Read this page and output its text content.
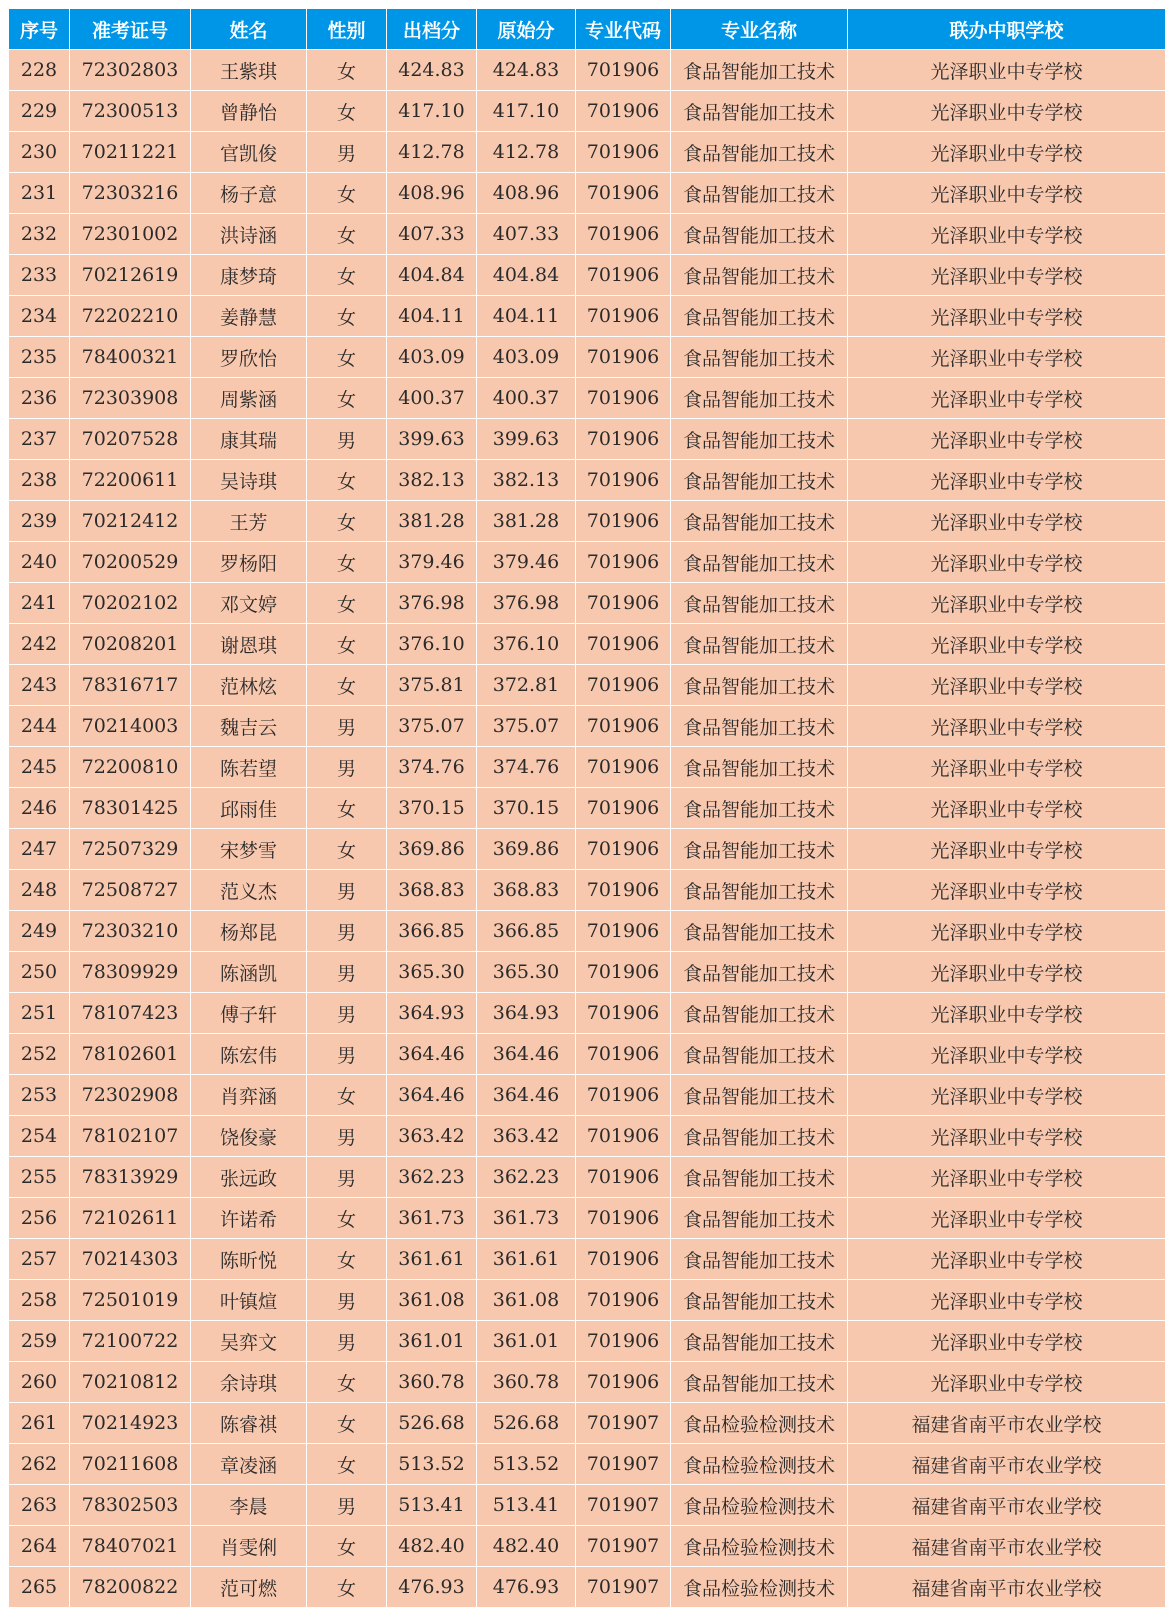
序号	准考证号	姓名	性别	出档分	原始分	专业代码	专业名称	联办中职学校
228	72302803	王紫琪	女	424.83	424.83	701906	食品智能加工技术	光泽职业中专学校
229	72300513	曾静怡	女	417.10	417.10	701906	食品智能加工技术	光泽职业中专学校
230	70211221	官凯俊	男	412.78	412.78	701906	食品智能加工技术	光泽职业中专学校
231	72303216	杨子意	女	408.96	408.96	701906	食品智能加工技术	光泽职业中专学校
232	72301002	洪诗涵	女	407.33	407.33	701906	食品智能加工技术	光泽职业中专学校
233	70212619	康梦琦	女	404.84	404.84	701906	食品智能加工技术	光泽职业中专学校
234	72202210	姜静慧	女	404.11	404.11	701906	食品智能加工技术	光泽职业中专学校
235	78400321	罗欣怡	女	403.09	403.09	701906	食品智能加工技术	光泽职业中专学校
236	72303908	周紫涵	女	400.37	400.37	701906	食品智能加工技术	光泽职业中专学校
237	70207528	康其瑞	男	399.63	399.63	701906	食品智能加工技术	光泽职业中专学校
238	72200611	吴诗琪	女	382.13	382.13	701906	食品智能加工技术	光泽职业中专学校
239	70212412	王芳	女	381.28	381.28	701906	食品智能加工技术	光泽职业中专学校
240	70200529	罗杨阳	女	379.46	379.46	701906	食品智能加工技术	光泽职业中专学校
241	70202102	邓文婷	女	376.98	376.98	701906	食品智能加工技术	光泽职业中专学校
242	70208201	谢恩琪	女	376.10	376.10	701906	食品智能加工技术	光泽职业中专学校
243	78316717	范林炫	女	375.81	372.81	701906	食品智能加工技术	光泽职业中专学校
244	70214003	魏吉云	男	375.07	375.07	701906	食品智能加工技术	光泽职业中专学校
245	72200810	陈若望	男	374.76	374.76	701906	食品智能加工技术	光泽职业中专学校
246	78301425	邱雨佳	女	370.15	370.15	701906	食品智能加工技术	光泽职业中专学校
247	72507329	宋梦雪	女	369.86	369.86	701906	食品智能加工技术	光泽职业中专学校
248	72508727	范义杰	男	368.83	368.83	701906	食品智能加工技术	光泽职业中专学校
249	72303210	杨郑昆	男	366.85	366.85	701906	食品智能加工技术	光泽职业中专学校
250	78309929	陈涵凯	男	365.30	365.30	701906	食品智能加工技术	光泽职业中专学校
251	78107423	傅子轩	男	364.93	364.93	701906	食品智能加工技术	光泽职业中专学校
252	78102601	陈宏伟	男	364.46	364.46	701906	食品智能加工技术	光泽职业中专学校
253	72302908	肖弈涵	女	364.46	364.46	701906	食品智能加工技术	光泽职业中专学校
254	78102107	饶俊豪	男	363.42	363.42	701906	食品智能加工技术	光泽职业中专学校
255	78313929	张远政	男	362.23	362.23	701906	食品智能加工技术	光泽职业中专学校
256	72102611	许诺希	女	361.73	361.73	701906	食品智能加工技术	光泽职业中专学校
257	70214303	陈昕悦	女	361.61	361.61	701906	食品智能加工技术	光泽职业中专学校
258	72501019	叶镇煊	男	361.08	361.08	701906	食品智能加工技术	光泽职业中专学校
259	72100722	吴弈文	男	361.01	361.01	701906	食品智能加工技术	光泽职业中专学校
260	70210812	余诗琪	女	360.78	360.78	701906	食品智能加工技术	光泽职业中专学校
261	70214923	陈睿祺	女	526.68	526.68	701907	食品检验检测技术	福建省南平市农业学校
262	70211608	章凌涵	女	513.52	513.52	701907	食品检验检测技术	福建省南平市农业学校
263	78302503	李晨	男	513.41	513.41	701907	食品检验检测技术	福建省南平市农业学校
264	78407021	肖雯俐	女	482.40	482.40	701907	食品检验检测技术	福建省南平市农业学校
265	78200822	范可燃	女	476.93	476.93	701907	食品检验检测技术	福建省南平市农业学校
